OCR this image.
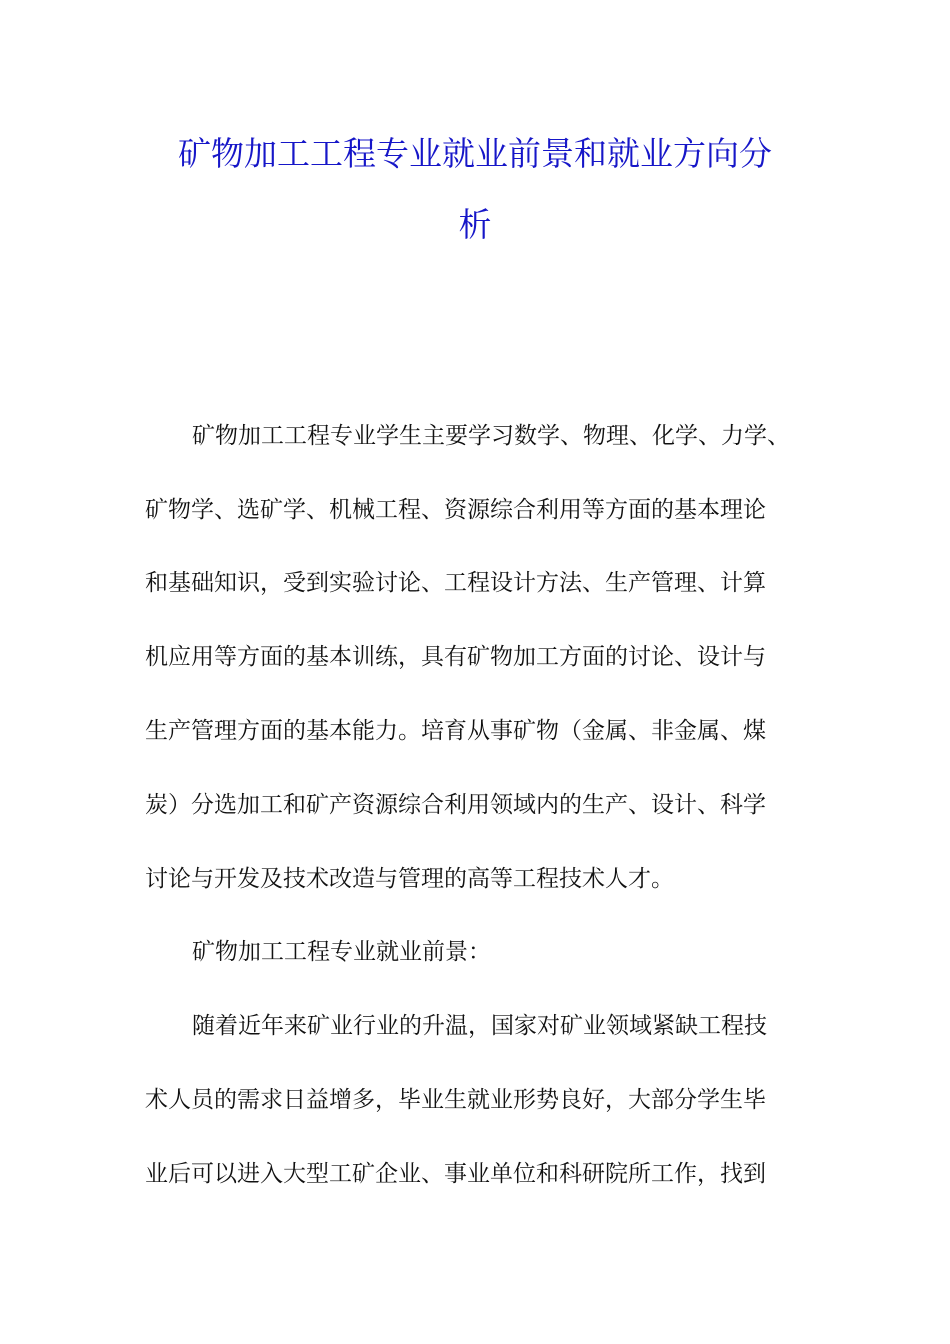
矿物加工工程专业就业前景和就业方向分
析

矿物加工工程专业学生主要学习数学、物理、化学、力学、

矿物学、选矿学、机械工程、资源综合利用等方面的基本理论

和基础知识，受到实验讨论、工程设计方法、生产管理、计算

机应用等方面的基本训练，具有矿物加工方面的讨论、设计与

生产管理方面的基本能力。培育从事矿物（金属、非金属、煤

炭）分选加工和矿产资源综合利用领域内的生产、设计、科学

讨论与开发及技术改造与管理的高等工程技术人才。

矿物加工工程专业就业前景：

随着近年来矿业行业的升温，国家对矿业领域紧缺工程技

术人员的需求日益增多，毕业生就业形势良好，大部分学生毕

业后可以进入大型工矿企业、事业单位和科研院所工作，找到
